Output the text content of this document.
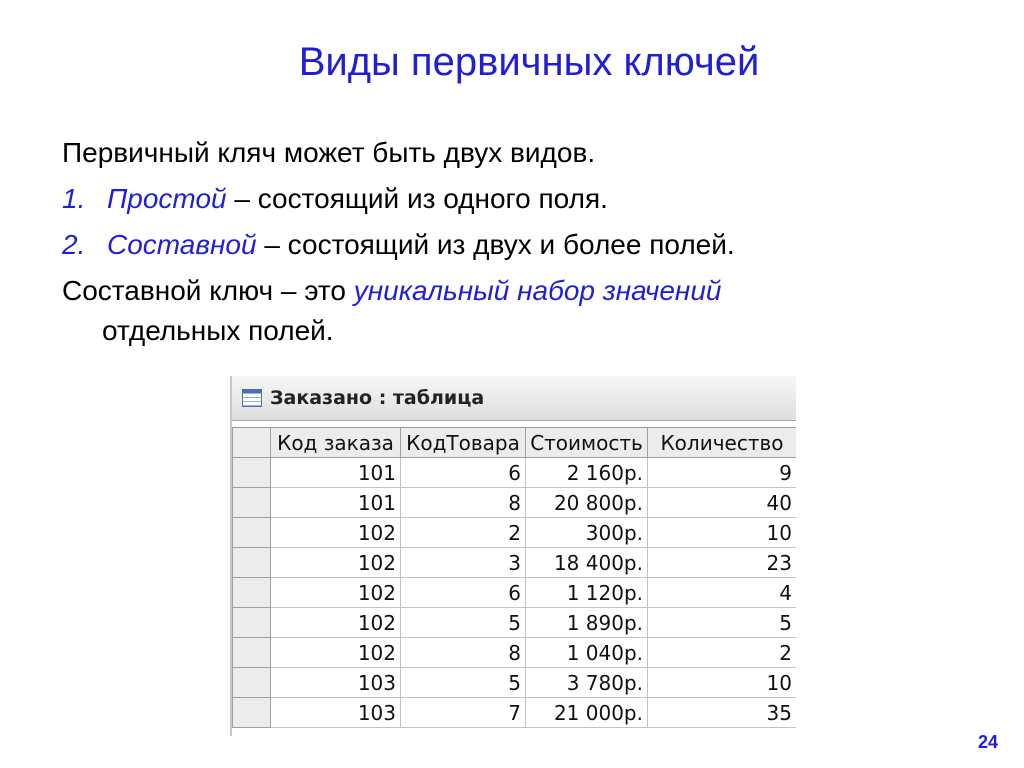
Виды первичных ключей

Первичный кляч может быть двух видов.

1. Простой – состоящий из одного поля.

2. Составной – состоящий из двух и более полей.

Составной ключ – это уникальный набор значений

отдельных полей.

Заказано : таблица
	Код заказа	КодТовара	Стоимость	Количество
	101	6	2 160р.	9
	101	8	20 800р.	40
	102	2	300р.	10
	102	3	18 400р.	23
	102	6	1 120р.	4
	102	5	1 890р.	5
	102	8	1 040р.	2
	103	5	3 780р.	10
	103	7	21 000р.	35
24
